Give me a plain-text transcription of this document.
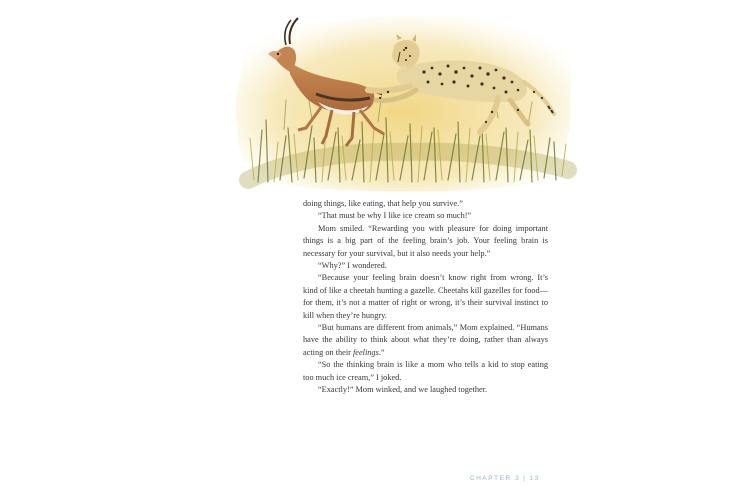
doing things, like eating, that help you survive.”

“That must be why I like ice cream so much!”

Mom smiled. “Rewarding you with pleasure for doing important things is a big part of the feeling brain’s job. Your feeling brain is necessary for your survival, but it also needs your help.”

“Why?” I wondered.

“Because your feeling brain doesn’t know right from wrong. It’s kind of like a cheetah hunting a gazelle. Cheetahs kill gazelles for food—for them, it’s not a matter of right or wrong, it’s their survival instinct to kill when they’re hungry.

“But humans are different from animals,” Mom explained. “Humans have the ability to think about what they’re doing, rather than always acting on their feelings.”

“So the thinking brain is like a mom who tells a kid to stop eating too much ice cream,” I joked.

“Exactly!” Mom winked, and we laughed together.

CHAPTER 3 | 13
